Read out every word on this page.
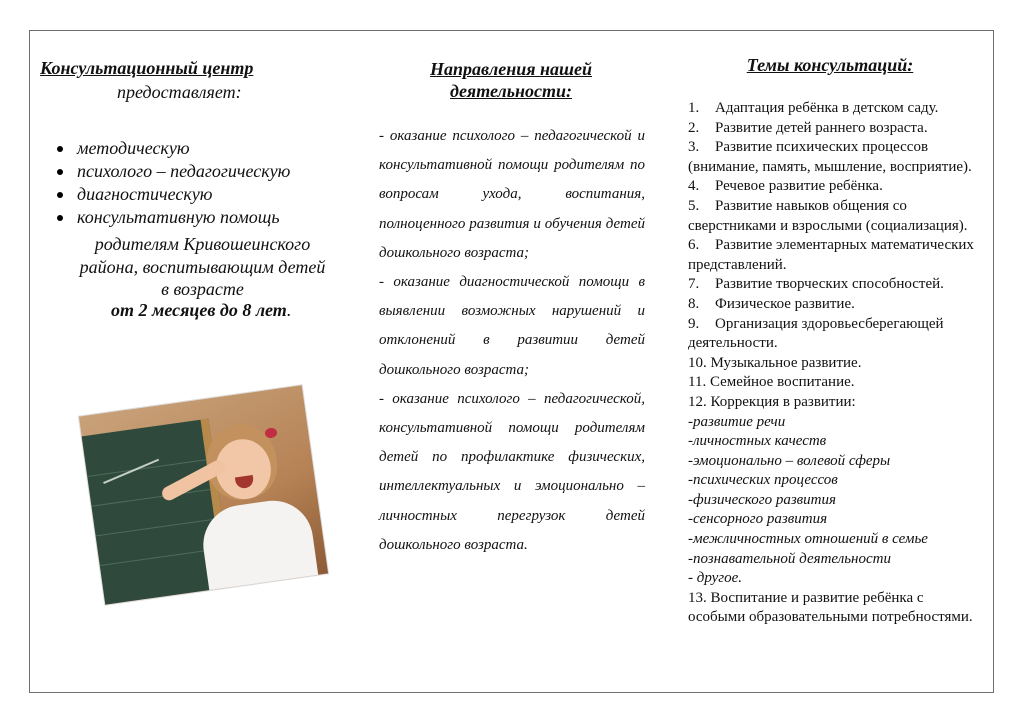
Консультационный центр
предоставляет:
методическую
психолого – педагогическую
диагностическую
консультативную помощь
родителям Кривошеинского района, воспитывающим детей в возрасте
от 2 месяцев до 8 лет.
Направления нашей деятельности:

- оказание психолого – педагогической и консультативной помощи родителям по вопросам ухода, воспитания, полноценного развития и обучения детей дошкольного возраста;

- оказание диагностической помощи в выявлении возможных нарушений и отклонений в развитии детей дошкольного возраста;

- оказание психолого – педагогической, консультативной помощи родителям детей по профилактике физических, интеллектуальных и эмоционально – личностных перегрузок детей дошкольного возраста.

Темы консультаций:

1. Адаптация ребёнка в детском саду.

2. Развитие детей раннего возраста.

3. Развитие психических процессов (внимание, память, мышление, восприятие).

4. Речевое развитие ребёнка.

5. Развитие навыков общения со сверстниками и взрослыми (социализация).

6. Развитие элементарных математических представлений.

7. Развитие творческих способностей.

8. Физическое развитие.

9. Организация здоровьесберегающей деятельности.

10. Музыкальное развитие.

11. Семейное воспитание.

12. Коррекция в развитии:

-развитие речи

-личностных качеств

-эмоционально – волевой сферы

-психических процессов

-физического развития

-сенсорного развития

-межличностных отношений в семье

-познавательной деятельности

- другое.

13. Воспитание и развитие ребёнка с особыми образовательными потребностями.
